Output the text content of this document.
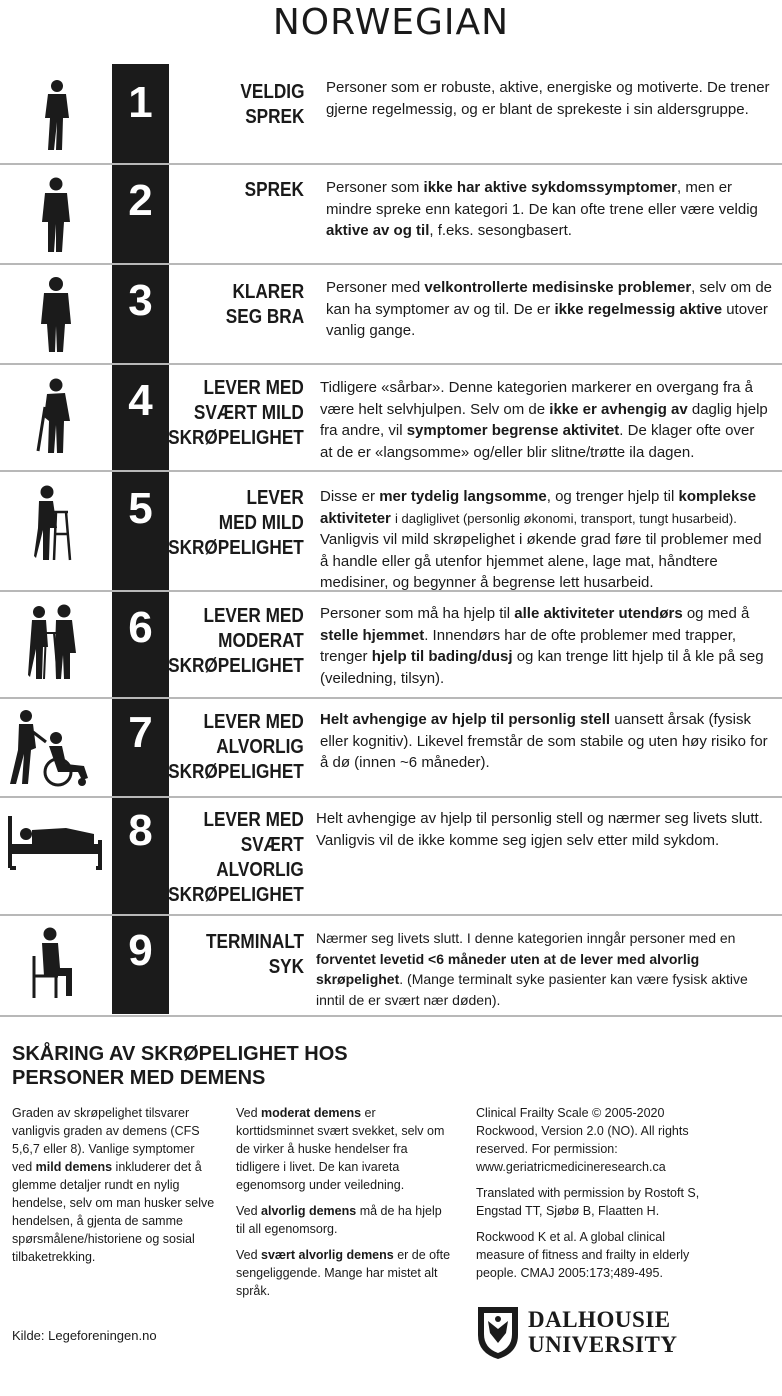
NORWEGIAN
1	VELDIG
SPREK
Personer som er robuste, aktive, energiske og motiverte. De trener gjerne regelmessig, og er blant de sprekeste i sin aldersgruppe.
2	SPREK Personer som ikke har aktive sykdomssymptomer, men er mindre spreke enn kategori 1. De kan ofte trene eller være veldig aktive av og til, f.eks. sesongbasert.
3	KLARER
SEG BRA
Personer med velkontrollerte medisinske problemer, selv om de kan ha symptomer av og til. De er ikke regelmessig aktive utover vanlig gange.
4	LEVER MED
SVÆRT MILD
SKRØPELIGHET
Tidligere «sårbar». Denne kategorien markerer en overgang fra å være helt selvhjulpen. Selv om de ikke er avhengig av daglig hjelp fra andre, vil symptomer begrense aktivitet. De klager ofte over at de er «langsomme» og/eller blir slitne/trøtte ila dagen.
5	LEVER
MED MILD
SKRØPELIGHET
Disse er mer tydelig langsomme, og trenger hjelp til komplekse aktiviteter i dagliglivet (personlig økonomi, transport, tungt husarbeid). Vanligvis vil mild skrøpelighet i økende grad føre til problemer med å handle eller gå utenfor hjemmet alene, lage mat, håndtere medisiner, og begynner å begrense lett husarbeid.
6	LEVER MED
MODERAT
SKRØPELIGHET
Personer som må ha hjelp til alle aktiviteter utendørs og med å stelle hjemmet. Innendørs har de ofte problemer med trapper, trenger hjelp til bading/dusj og kan trenge litt hjelp til å kle på seg (veiledning, tilsyn).
7	LEVER MED
ALVORLIG
SKRØPELIGHET
Helt avhengige av hjelp til personlig stell uansett årsak (fysisk eller kognitiv). Likevel fremstår de som stabile og uten høy risiko for å dø (innen ~6 måneder).
8	LEVER MED
SVÆRT
ALVORLIG
SKRØPELIGHET
Helt avhengige av hjelp til personlig stell og nærmer seg livets slutt. Vanligvis vil de ikke komme seg igjen selv etter mild sykdom.
9	TERMINALT
SYK
Nærmer seg livets slutt. I denne kategorien inngår personer med en forventet levetid <6 måneder uten at de lever med alvorlig skrøpelighet. (Mange terminalt syke pasienter kan være fysisk aktive inntil de er svært nær døden).
SKÅRING AV SKRØPELIGHET HOS
PERSONER MED DEMENS

Graden av skrøpelighet tilsvarer vanligvis graden av demens (CFS 5,6,7 eller 8). Vanlige symptomer ved mild demens inkluderer det å glemme detaljer rundt en nylig hendelse, selv om man husker selve hendelsen, å gjenta de samme spørsmålene/historiene og sosial tilbaketrekking.

Ved moderat demens er korttidsminnet svært svekket, selv om de virker å huske hendelser fra tidligere i livet. De kan ivareta egenomsorg under veiledning.

Ved alvorlig demens må de ha hjelp til all egenomsorg.

Ved svært alvorlig demens er de ofte sengeliggende. Mange har mistet alt språk.

Clinical Frailty Scale © 2005-2020 Rockwood, Version 2.0 (NO). All rights reserved. For permission: www.geriatricmedicineresearch.ca

Translated with permission by Rostoft S, Engstad TT, Sjøbø B, Flaatten H.

Rockwood K et al. A global clinical measure of fitness and frailty in elderly people. CMAJ 2005:173;489-495.

Kilde: Legeforeningen.no
DALHOUSIE
UNIVERSITY
